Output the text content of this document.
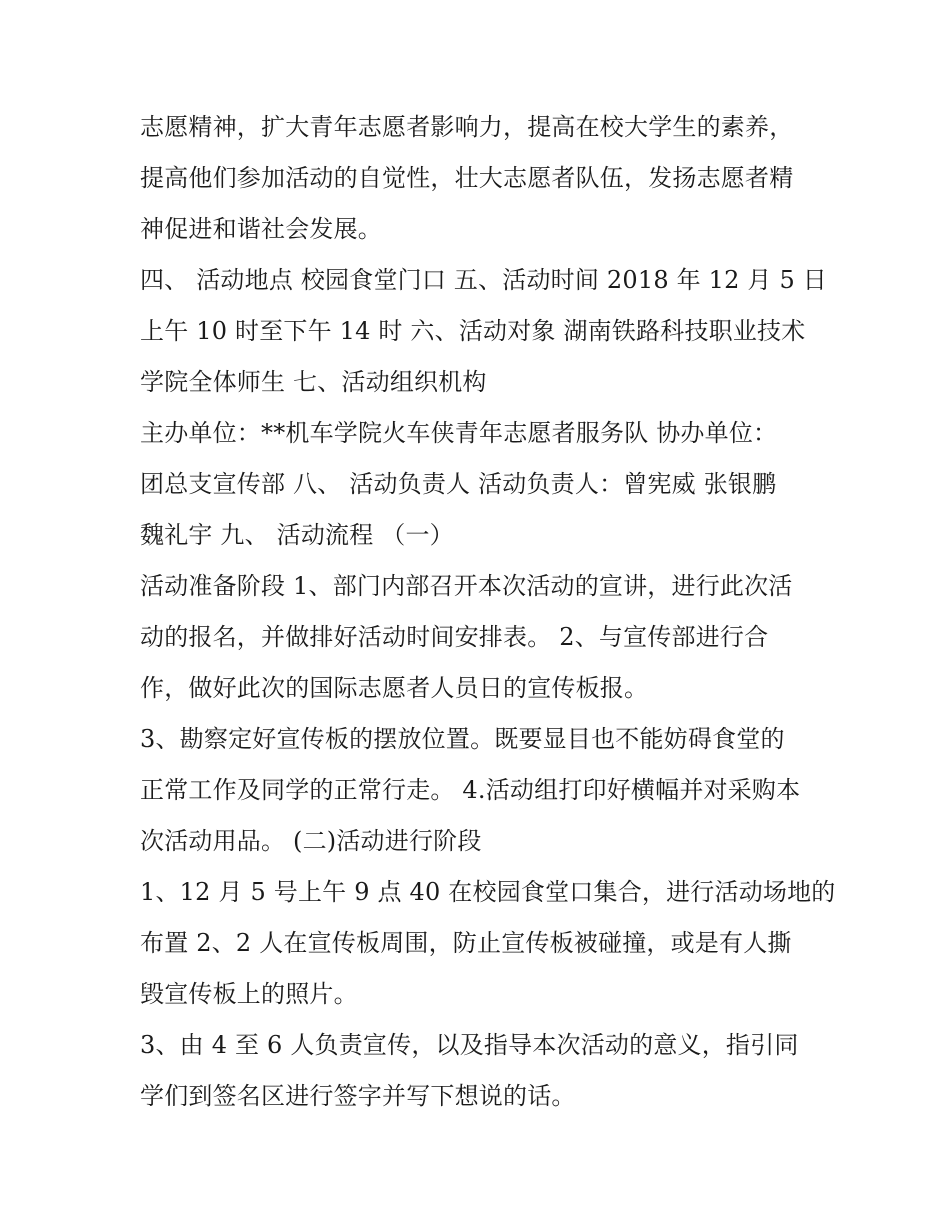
志愿精神，扩大青年志愿者影响力，提高在校大学生的素养，
提高他们参加活动的自觉性，壮大志愿者队伍，发扬志愿者精
神促进和谐社会发展。
四、 活动地点 校园食堂门口 五、活动时间 2018 年 12 月 5 日
上午 10 时至下午 14 时 六、活动对象 湖南铁路科技职业技术
学院全体师生 七、活动组织机构
主办单位：**机车学院火车侠青年志愿者服务队 协办单位：
团总支宣传部 八、 活动负责人 活动负责人：曾宪威 张银鹏
魏礼宇 九、 活动流程 （一）
活动准备阶段 1、部门内部召开本次活动的宣讲，进行此次活
动的报名，并做排好活动时间安排表。 2、与宣传部进行合
作，做好此次的国际志愿者人员日的宣传板报。
3、勘察定好宣传板的摆放位置。既要显目也不能妨碍食堂的
正常工作及同学的正常行走。 4.活动组打印好横幅并对采购本
次活动用品。 (二)活动进行阶段
1、12 月 5 号上午 9 点 40 在校园食堂口集合，进行活动场地的
布置 2、2 人在宣传板周围，防止宣传板被碰撞，或是有人撕
毁宣传板上的照片。
3、由 4 至 6 人负责宣传，以及指导本次活动的意义，指引同
学们到签名区进行签字并写下想说的话。
